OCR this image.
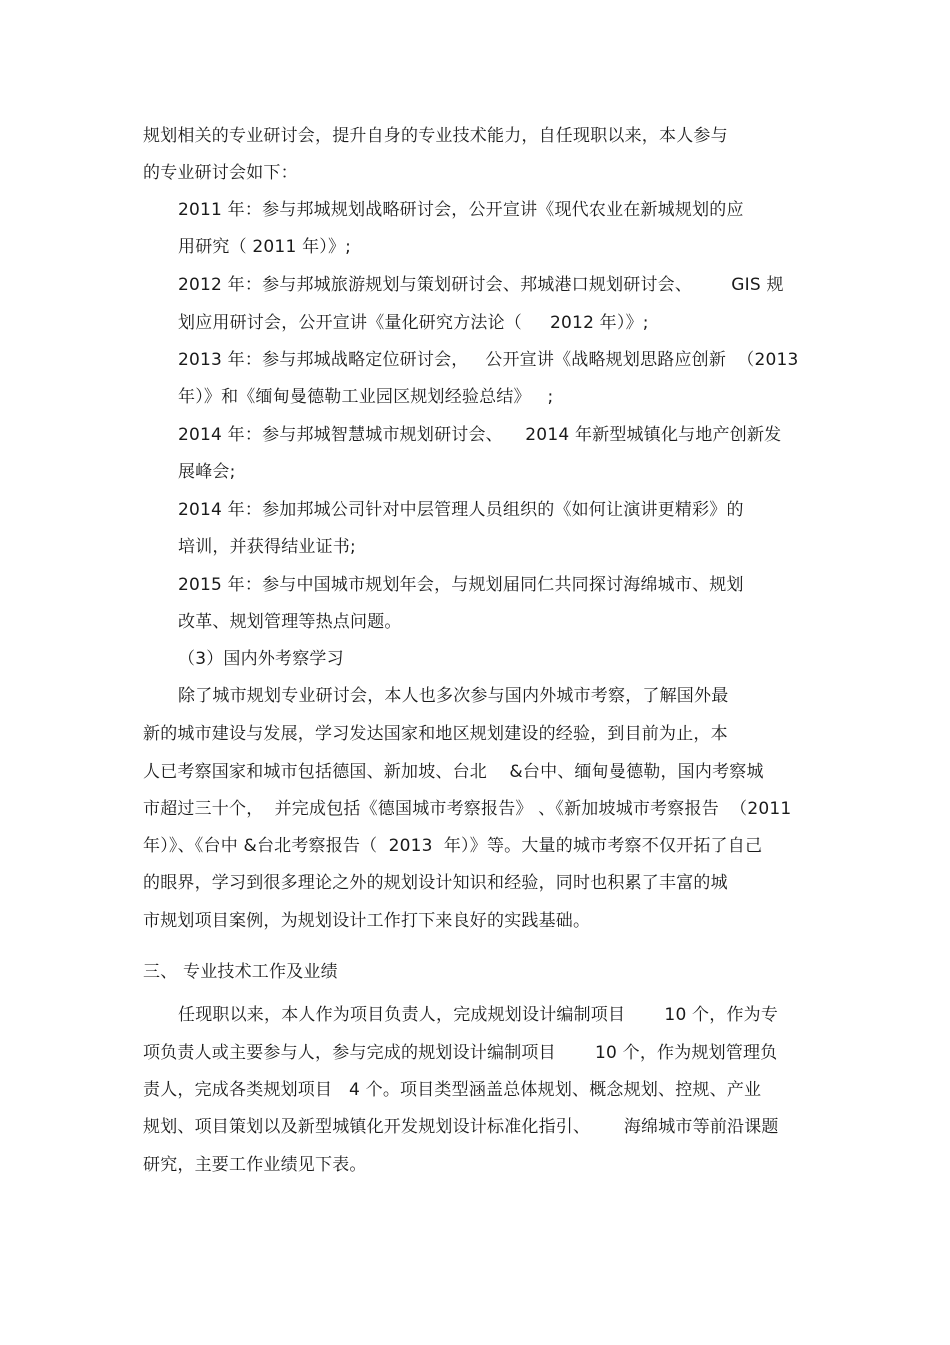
规划相关的专业研讨会，提升自身的专业技术能力，自任现职以来，本人参与
的专业研讨会如下：
2011 年：参与邦城规划战略研讨会，公开宣讲《现代农业在新城规划的应
用研究（ 2011 年）》;
2012 年：参与邦城旅游规划与策划研讨会、邦城港口规划研讨会、       GIS 规
划应用研讨会，公开宣讲《量化研究方法论（     2012 年）》;
2013 年：参与邦城战略定位研讨会，   公开宣讲《战略规划思路应创新  （2013
年）》和《缅甸曼德勒工业园区规划经验总结》   ;
2014 年：参与邦城智慧城市规划研讨会、    2014 年新型城镇化与地产创新发
展峰会;
2014 年：参加邦城公司针对中层管理人员组织的《如何让演讲更精彩》的
培训，并获得结业证书;
2015 年：参与中国城市规划年会，与规划届同仁共同探讨海绵城市、规划
改革、规划管理等热点问题。
（3）国内外考察学习
除了城市规划专业研讨会，本人也多次参与国内外城市考察，了解国外最
新的城市建设与发展，学习发达国家和地区规划建设的经验，到目前为止，本
人已考察国家和城市包括德国、新加坡、台北    &台中、缅甸曼德勒，国内考察城
市超过三十个，  并完成包括《德国城市考察报告》 、《新加坡城市考察报告  （2011
年）》、《台中 &台北考察报告（  2013  年）》等。大量的城市考察不仅开拓了自己
的眼界，学习到很多理论之外的规划设计知识和经验，同时也积累了丰富的城
市规划项目案例，为规划设计工作打下来良好的实践基础。
三、 专业技术工作及业绩
任现职以来，本人作为项目负责人，完成规划设计编制项目       10 个，作为专
项负责人或主要参与人，参与完成的规划设计编制项目       10 个，作为规划管理负
责人，完成各类规划项目   4 个。项目类型涵盖总体规划、概念规划、控规、产业
规划、项目策划以及新型城镇化开发规划设计标准化指引、      海绵城市等前沿课题
研究，主要工作业绩见下表。
